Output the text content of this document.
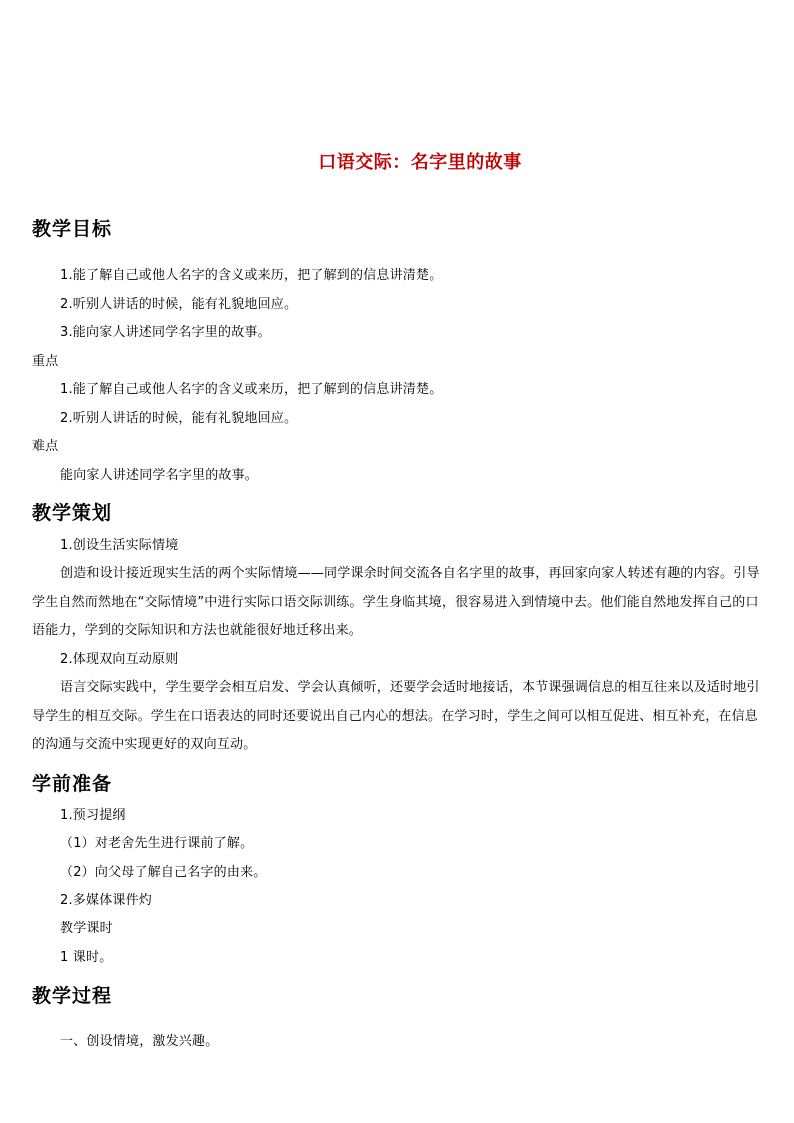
口语交际：名字里的故事
教学目标
1.能了解自己或他人名字的含义或来历，把了解到的信息讲清楚。
2.听别人讲话的时候，能有礼貌地回应。
3.能向家人讲述同学名字里的故事。
重点
1.能了解自己或他人名字的含义或来历，把了解到的信息讲清楚。
2.听别人讲话的时候，能有礼貌地回应。
难点
能向家人讲述同学名字里的故事。
教学策划
1.创设生活实际情境
创造和设计接近现实生活的两个实际情境——同学课余时间交流各自名字里的故事，再回家向家人转述有趣的内容。引导学生自然而然地在“交际情境”中进行实际口语交际训练。学生身临其境，很容易进入到情境中去。他们能自然地发挥自己的口语能力，学到的交际知识和方法也就能很好地迁移出来。
2.体现双向互动原则
语言交际实践中，学生要学会相互启发、学会认真倾听，还要学会适时地接话，本节课强调信息的相互往来以及适时地引导学生的相互交际。学生在口语表达的同时还要说出自己内心的想法。在学习时，学生之间可以相互促进、相互补充，在信息的沟通与交流中实现更好的双向互动。
学前准备
1.预习提纲
（1）对老舍先生进行课前了解。
（2）向父母了解自己名字的由来。
2.多媒体课件灼
教学课时
1 课时。
教学过程
一、创设情境，激发兴趣。
